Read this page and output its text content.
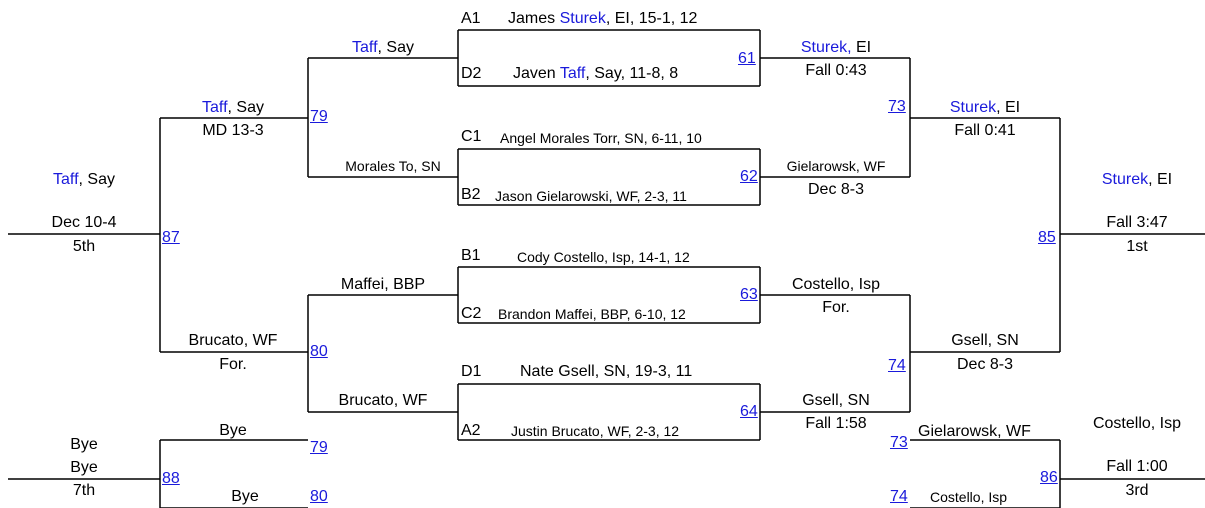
A1 James Sturek, EI, 15-1, 12
D2 Javen Taff, Say, 11-8, 8
61
C1 Angel Morales Torr, SN, 6-11, 10
B2 Jason Gielarowski, WF, 2-3, 11
62
B1	Cody Costello, Isp, 14-1, 12
C2 Brandon Maffei, BBP, 6-10, 12
63
D1 Nate Gsell, SN, 19-3, 11
A2 Justin Brucato, WF, 2-3, 12
64
Sturek, EI
Fall 0:43
Gielarowsk, WF
Dec 8-3
Costello, Isp
For.
Gsell, SN
Fall 1:58
73
74
Sturek, EI
Fall 0:41
Gsell, SN
Dec 8-3
85
Sturek, EI
Fall 3:47
1st
Taff, Say
Morales To, SN
Maffei, BBP
Brucato, WF
79
80
Taff, Say
MD 13-3
Brucato, WF
For.
87
Taff, Say
Dec 10-4
5th
Bye
Bye
79
80
88
Bye
Bye
7th
73
74
Gielarowsk, WF
Costello, Isp
86
Costello, Isp
Fall 1:00
3rd
